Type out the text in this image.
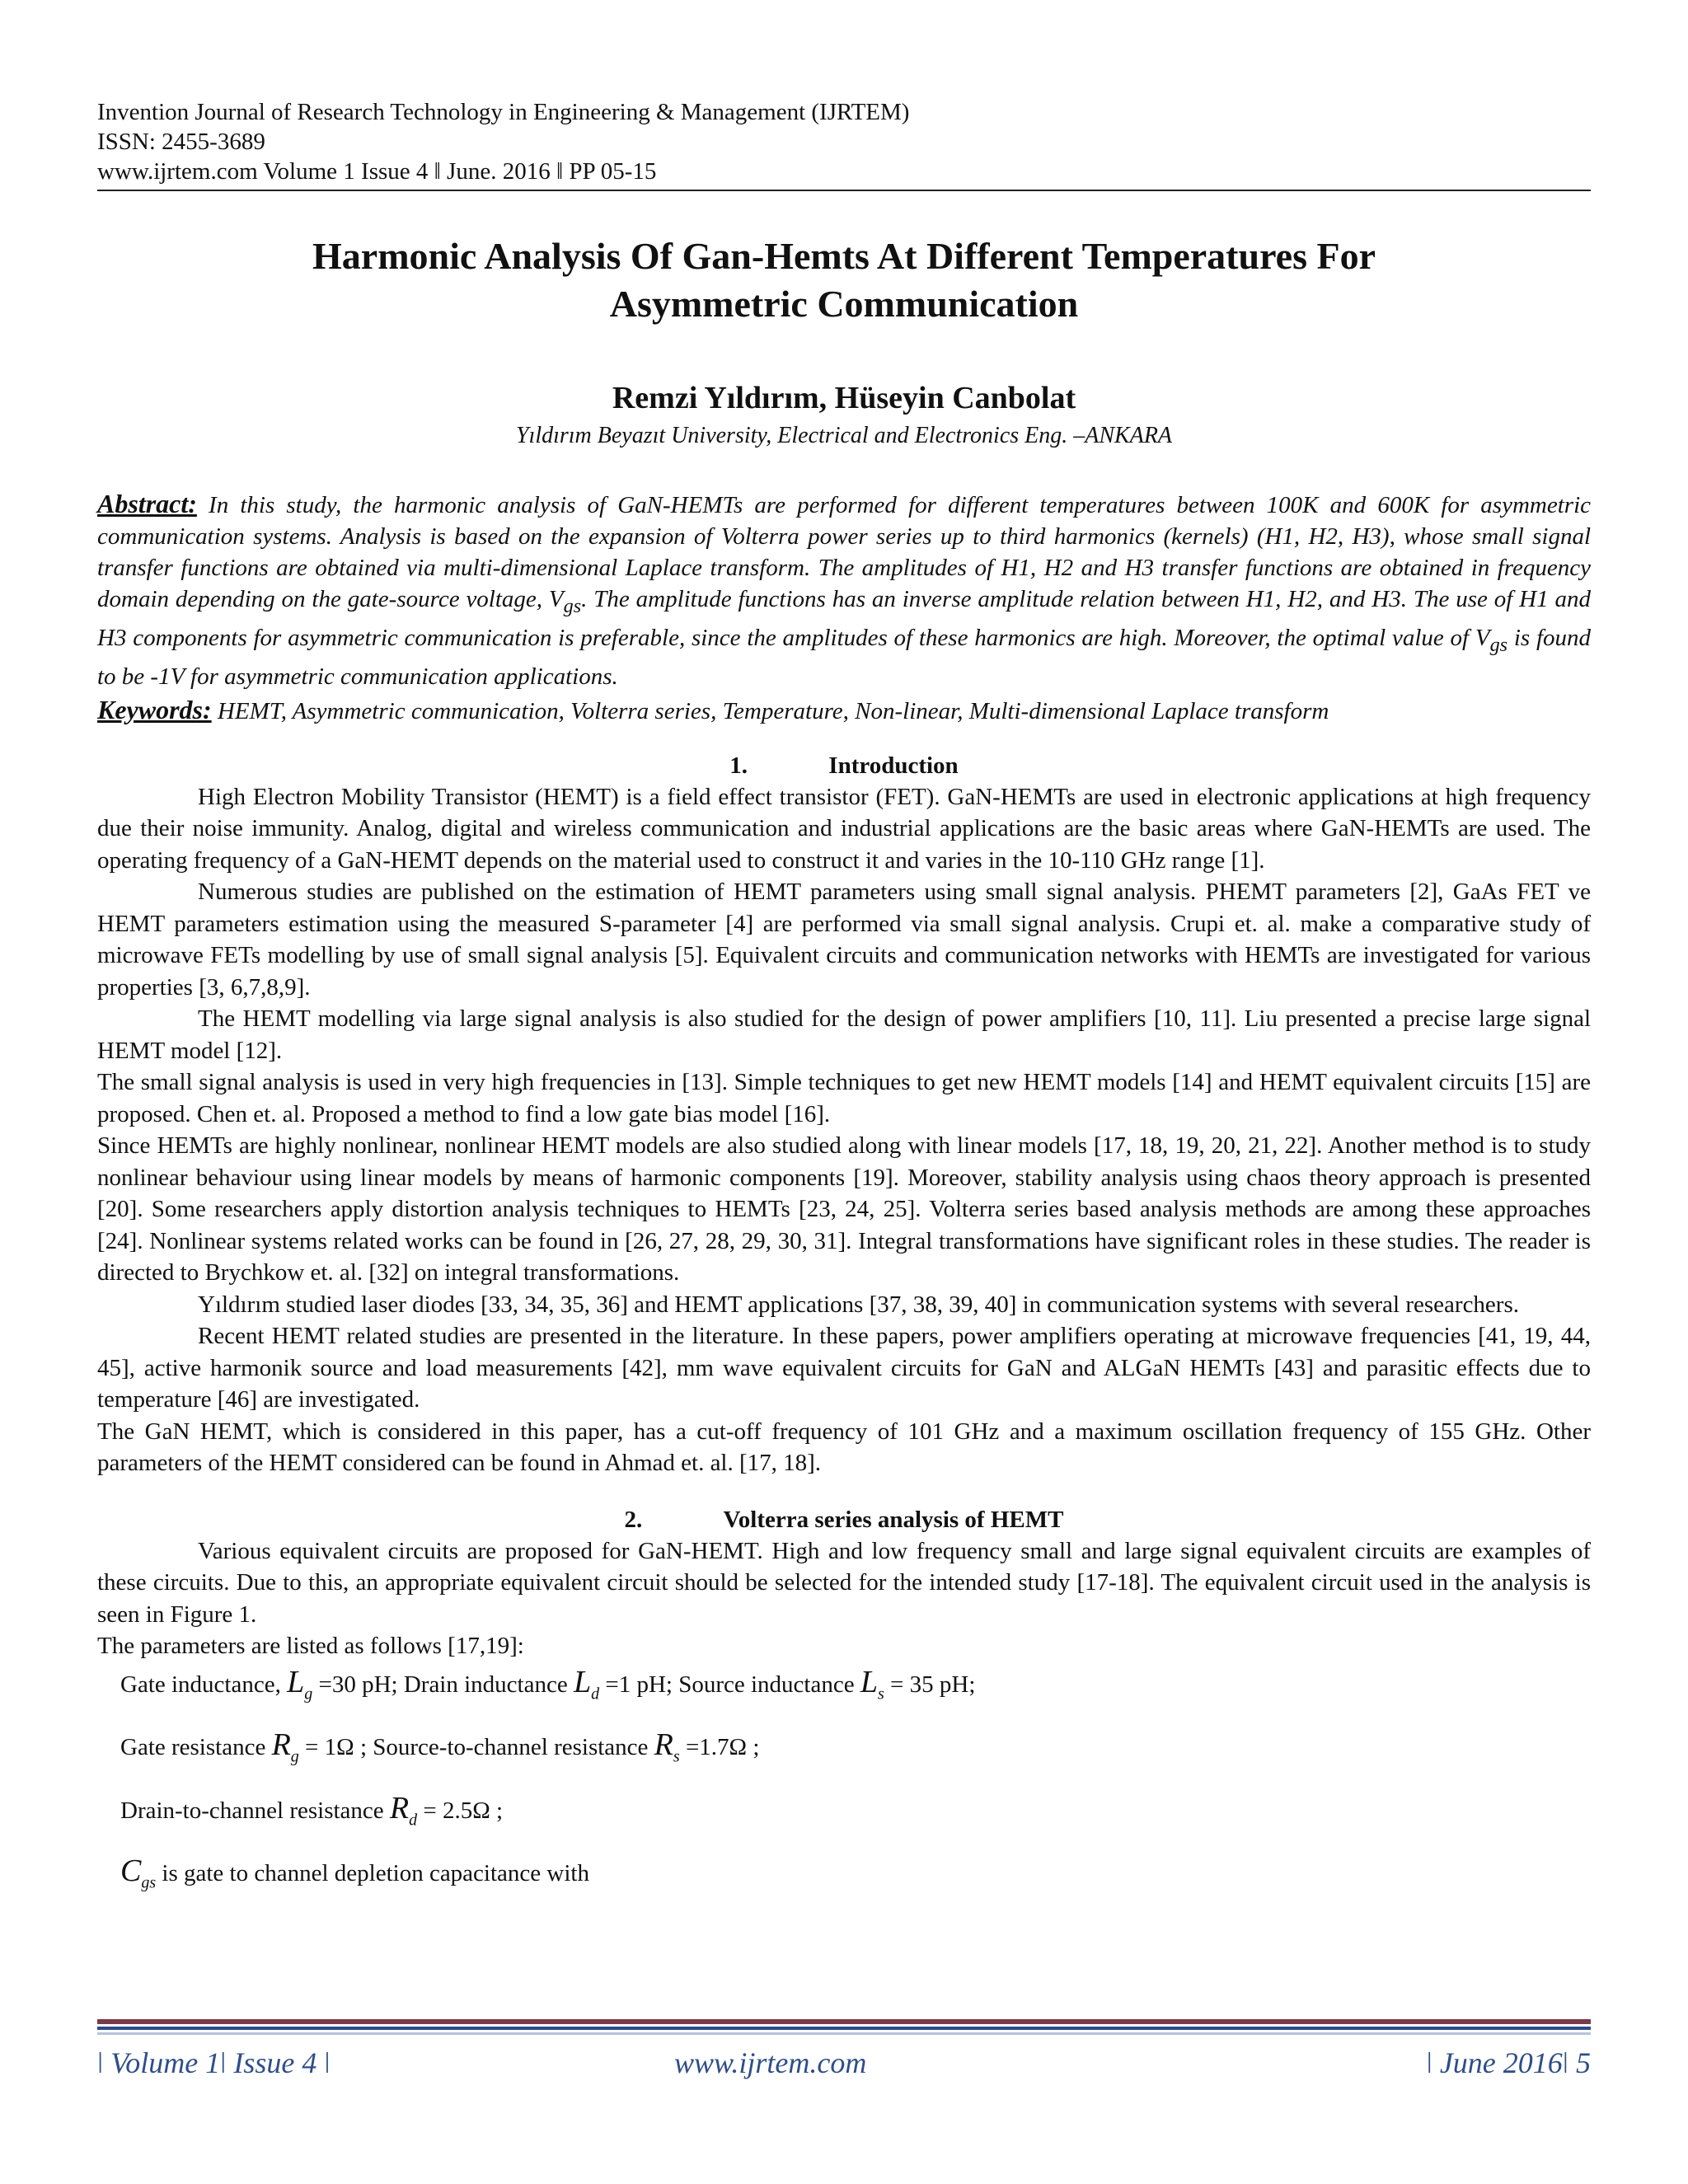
Invention Journal of Research Technology in Engineering & Management (IJRTEM)

ISSN: 2455-3689

www.ijrtem.com Volume 1 Issue 4 ǁ June. 2016 ǁ PP 05-15

Harmonic Analysis Of Gan-Hemts At Different Temperatures For
Asymmetric Communication

Remzi Yıldırım, Hüseyin Canbolat

Yıldırım Beyazıt University, Electrical and Electronics Eng. –ANKARA

Abstract: In this study, the harmonic analysis of GaN-HEMTs are performed for different temperatures between 100K and 600K for asymmetric communication systems. Analysis is based on the expansion of Volterra power series up to third harmonics (kernels) (H1, H2, H3), whose small signal transfer functions are obtained via multi-dimensional Laplace transform. The amplitudes of H1, H2 and H3 transfer functions are obtained in frequency domain depending on the gate-source voltage, $V_{gs}$. The amplitude functions has an inverse amplitude relation between H1, H2, and H3. The use of H1 and H3 components for asymmetric communication is preferable, since the amplitudes of these harmonics are high. Moreover, the optimal value of $V_{gs}$ is found to be -1V for asymmetric communication applications.
Keywords: HEMT, Asymmetric communication, Volterra series, Temperature, Non-linear, Multi-dimensional Laplace transform
1.	Introduction

High Electron Mobility Transistor (HEMT) is a field effect transistor (FET). GaN-HEMTs are used in electronic applications at high frequency due their noise immunity. Analog, digital and wireless communication and industrial applications are the basic areas where GaN-HEMTs are used. The operating frequency of a GaN-HEMT depends on the material used to construct it and varies in the 10-110 GHz range [1].

Numerous studies are published on the estimation of HEMT parameters using small signal analysis. PHEMT parameters [2], GaAs FET ve HEMT parameters estimation using the measured S-parameter [4] are performed via small signal analysis. Crupi et. al. make a comparative study of microwave FETs modelling by use of small signal analysis [5]. Equivalent circuits and communication networks with HEMTs are investigated for various properties [3, 6,7,8,9].

The HEMT modelling via large signal analysis is also studied for the design of power amplifiers [10, 11]. Liu presented a precise large signal HEMT model [12].

The small signal analysis is used in very high frequencies in [13]. Simple techniques to get new HEMT models [14] and HEMT equivalent circuits [15] are proposed. Chen et. al. Proposed a method to find a low gate bias model [16].

Since HEMTs are highly nonlinear, nonlinear HEMT models are also studied along with linear models [17, 18, 19, 20, 21, 22]. Another method is to study nonlinear behaviour using linear models by means of harmonic components [19]. Moreover, stability analysis using chaos theory approach is presented [20]. Some researchers apply distortion analysis techniques to HEMTs [23, 24, 25]. Volterra series based analysis methods are among these approaches [24]. Nonlinear systems related works can be found in [26, 27, 28, 29, 30, 31]. Integral transformations have significant roles in these studies. The reader is directed to Brychkow et. al. [32] on integral transformations.

Yıldırım studied laser diodes [33, 34, 35, 36] and HEMT applications [37, 38, 39, 40] in communication systems with several researchers.

Recent HEMT related studies are presented in the literature. In these papers, power amplifiers operating at microwave frequencies [41, 19, 44, 45], active harmonik source and load measurements [42], mm wave equivalent circuits for GaN and ALGaN HEMTs [43] and parasitic effects due to temperature [46] are investigated.

The GaN HEMT, which is considered in this paper, has a cut-off frequency of 101 GHz and a maximum oscillation frequency of 155 GHz. Other parameters of the HEMT considered can be found in Ahmad et. al. [17, 18].

2.	Volterra series analysis of HEMT

Various equivalent circuits are proposed for GaN-HEMT. High and low frequency small and large signal equivalent circuits are examples of these circuits. Due to this, an appropriate equivalent circuit should be selected for the intended study [17-18]. The equivalent circuit used in the analysis is seen in Figure 1.

The parameters are listed as follows [17,19]:

Gate inductance, $L_g =30$ pH; Drain inductance $L_d =1$ pH; Source inductance $L_s = 35$ pH;
Gate resistance $R_g = 1\Omega$ ; Source-to-channel resistance $R_s =1.7\Omega$ ;
Drain-to-channel resistance $R_d = 2.5\Omega$ ;
$C_{gs}$ is gate to channel depletion capacitance with
ǀ Volume 1ǀ Issue 4 ǀ	www.ijrtem.com	ǀ June 2016ǀ 5
